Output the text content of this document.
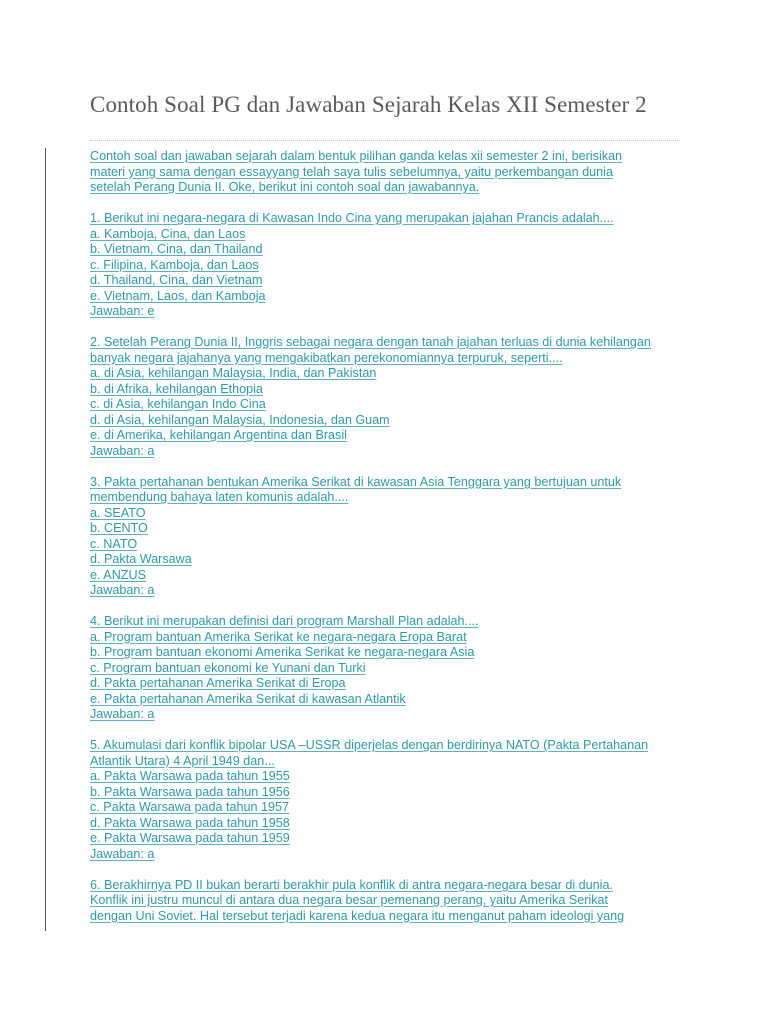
Contoh Soal PG dan Jawaban Sejarah Kelas XII Semester 2
Contoh soal dan jawaban sejarah dalam bentuk pilihan ganda kelas xii semester 2 ini, berisikan
materi yang sama dengan essayyang telah saya tulis sebelumnya, yaitu perkembangan dunia
setelah Perang Dunia II. Oke, berikut ini contoh soal dan jawabannya.
1. Berikut ini negara-negara di Kawasan Indo Cina yang merupakan jajahan Prancis adalah....
a. Kamboja, Cina, dan Laos
b. Vietnam, Cina, dan Thailand
c. Filipina, Kamboja, dan Laos
d. Thailand, Cina, dan Vietnam
e. Vietnam, Laos, dan Kamboja
Jawaban: e
2. Setelah Perang Dunia II, Inggris sebagai negara dengan tanah jajahan terluas di dunia kehilangan
banyak negara jajahanya yang mengakibatkan perekonomiannya terpuruk, seperti....
a. di Asia, kehilangan Malaysia, India, dan Pakistan
b. di Afrika, kehilangan Ethopia
c. di Asia, kehilangan Indo Cina
d. di Asia, kehilangan Malaysia, Indonesia, dan Guam
e. di Amerika, kehilangan Argentina dan Brasil
Jawaban: a
3. Pakta pertahanan bentukan Amerika Serikat di kawasan Asia Tenggara yang bertujuan untuk
membendung bahaya laten komunis adalah....
a. SEATO
b. CENTO
c. NATO
d. Pakta Warsawa
e. ANZUS
Jawaban: a
4. Berikut ini merupakan definisi dari program Marshall Plan adalah....
a. Program bantuan Amerika Serikat ke negara-negara Eropa Barat
b. Program bantuan ekonomi Amerika Serikat ke negara-negara Asia
c. Program bantuan ekonomi ke Yunani dan Turki
d. Pakta pertahanan Amerika Serikat di Eropa
e. Pakta pertahanan Amerika Serikat di kawasan Atlantik
Jawaban: a
5. Akumulasi dari konflik bipolar USA –USSR diperjelas dengan berdirinya NATO (Pakta Pertahanan
Atlantik Utara) 4 April 1949 dan...
a. Pakta Warsawa pada tahun 1955
b. Pakta Warsawa pada tahun 1956
c. Pakta Warsawa pada tahun 1957
d. Pakta Warsawa pada tahun 1958
e. Pakta Warsawa pada tahun 1959
Jawaban: a
6. Berakhirnya PD II bukan berarti berakhir pula konflik di antra negara-negara besar di dunia.
Konflik ini justru muncul di antara dua negara besar pemenang perang, yaitu Amerika Serikat
dengan Uni Soviet. Hal tersebut terjadi karena kedua negara itu menganut paham ideologi yang
